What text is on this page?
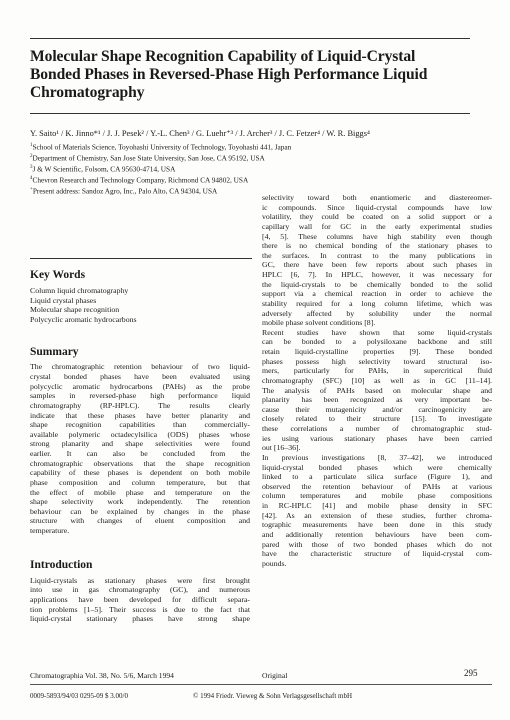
Molecular Shape Recognition Capability of Liquid-Crystal
Bonded Phases in Reversed-Phase High Performance Liquid
Chromatography
Y. Saito¹ / K. Jinno*¹ / J. J. Pesek² / Y.-L. Chen³ / G. Luehr⁺³ / J. Archer³ / J. C. Fetzer⁴ / W. R. Biggs⁴
$^1$School of Materials Science, Toyohashi University of Technology, Toyohashi 441, Japan
$^2$Department of Chemistry, San Jose State University, San Jose, CA 95192, USA
$^3$J & W Scientific, Folsom, CA 95630-4714, USA
$^4$Chevron Research and Technology Company, Richmond CA 94802, USA
+Present address: Sandoz Agro, Inc., Palo Alto, CA 94304, USA
Key Words
Column liquid chromatography
Liquid crystal phases
Molecular shape recognition
Polycyclic aromatic hydrocarbons
Summary
The chromatographic retention behaviour of two liquid-
crystal bonded phases have been evaluated using
polycyclic aromatic hydrocarbons (PAHs) as the probe
samples in reversed-phase high performance liquid
chromatography (RP-HPLC). The results clearly
indicate that these phases have better planarity and
shape recognition capabilities than commercially-
available polymeric octadecylsilica (ODS) phases whose
strong planarity and shape selectivities were found
earlier. It can also be concluded from the
chromatographic observations that the shape recognition
capability of these phases is dependent on both mobile
phase composition and column temperature, but that
the effect of mobile phase and temperature on the
shape selectivity work independently. The retention
behaviour can be explained by changes in the phase
structure with changes of eluent composition and
temperature.
Introduction
Liquid-crystals as stationary phases were first brought
into use in gas chromatography (GC), and numerous
applications have been developed for difficult separa-
tion problems [1–5]. Their success is due to the fact that
liquid-crystal stationary phases have strong shape
selectivity toward both enantiomeric and diastereomer-
ic compounds. Since liquid-crystal compounds have low
volatility, they could be coated on a solid support or a
capillary wall for GC in the early experimental studies
[4, 5]. These columns have high stability even though
there is no chemical bonding of the stationary phases to
the surfaces. In contrast to the many publications in
GC, there have been few reports about such phases in
HPLC [6, 7]. In HPLC, however, it was necessary for
the liquid-crystals to be chemically bonded to the solid
support via a chemical reaction in order to achieve the
stability required for a long column lifetime, which was
adversely affected by solubility under the normal
mobile phase solvent conditions [8].
Recent studies have shown that some liquid-crystals
can be bonded to a polysiloxane backbone and still
retain liquid-crystalline properties [9]. These bonded
phases possess high selectivity toward structural iso-
mers, particularly for PAHs, in supercritical fluid
chromatography (SFC) [10] as well as in GC [11–14].
The analysis of PAHs based on molecular shape and
planarity has been recognized as very important be-
cause their mutagenicity and/or carcinogenicity are
closely related to their structure [15]. To investigate
these correlations a number of chromatographic stud-
ies using various stationary phases have been carried
out [16–36].
In previous investigations [8, 37–42], we introduced
liquid-crystal bonded phases which were chemically
linked to a particulate silica surface (Figure 1), and
observed the retention behaviour of PAHs at various
column temperatures and mobile phase compositions
in RC-HPLC [41] and mobile phase density in SFC
[42]. As an extension of these studies, further chroma-
tographic measurements have been done in this study
and additionally retention behaviours have been com-
pared with those of two bonded phases which do not
have the characteristic structure of liquid-crystal com-
pounds.
Chromatographia Vol. 38, No. 5/6, March 1994	Original	295
0009-5893/94/03 0295-09 $ 3.00/0	© 1994 Friedr. Vieweg & Sohn Verlagsgesellschaft mbH
